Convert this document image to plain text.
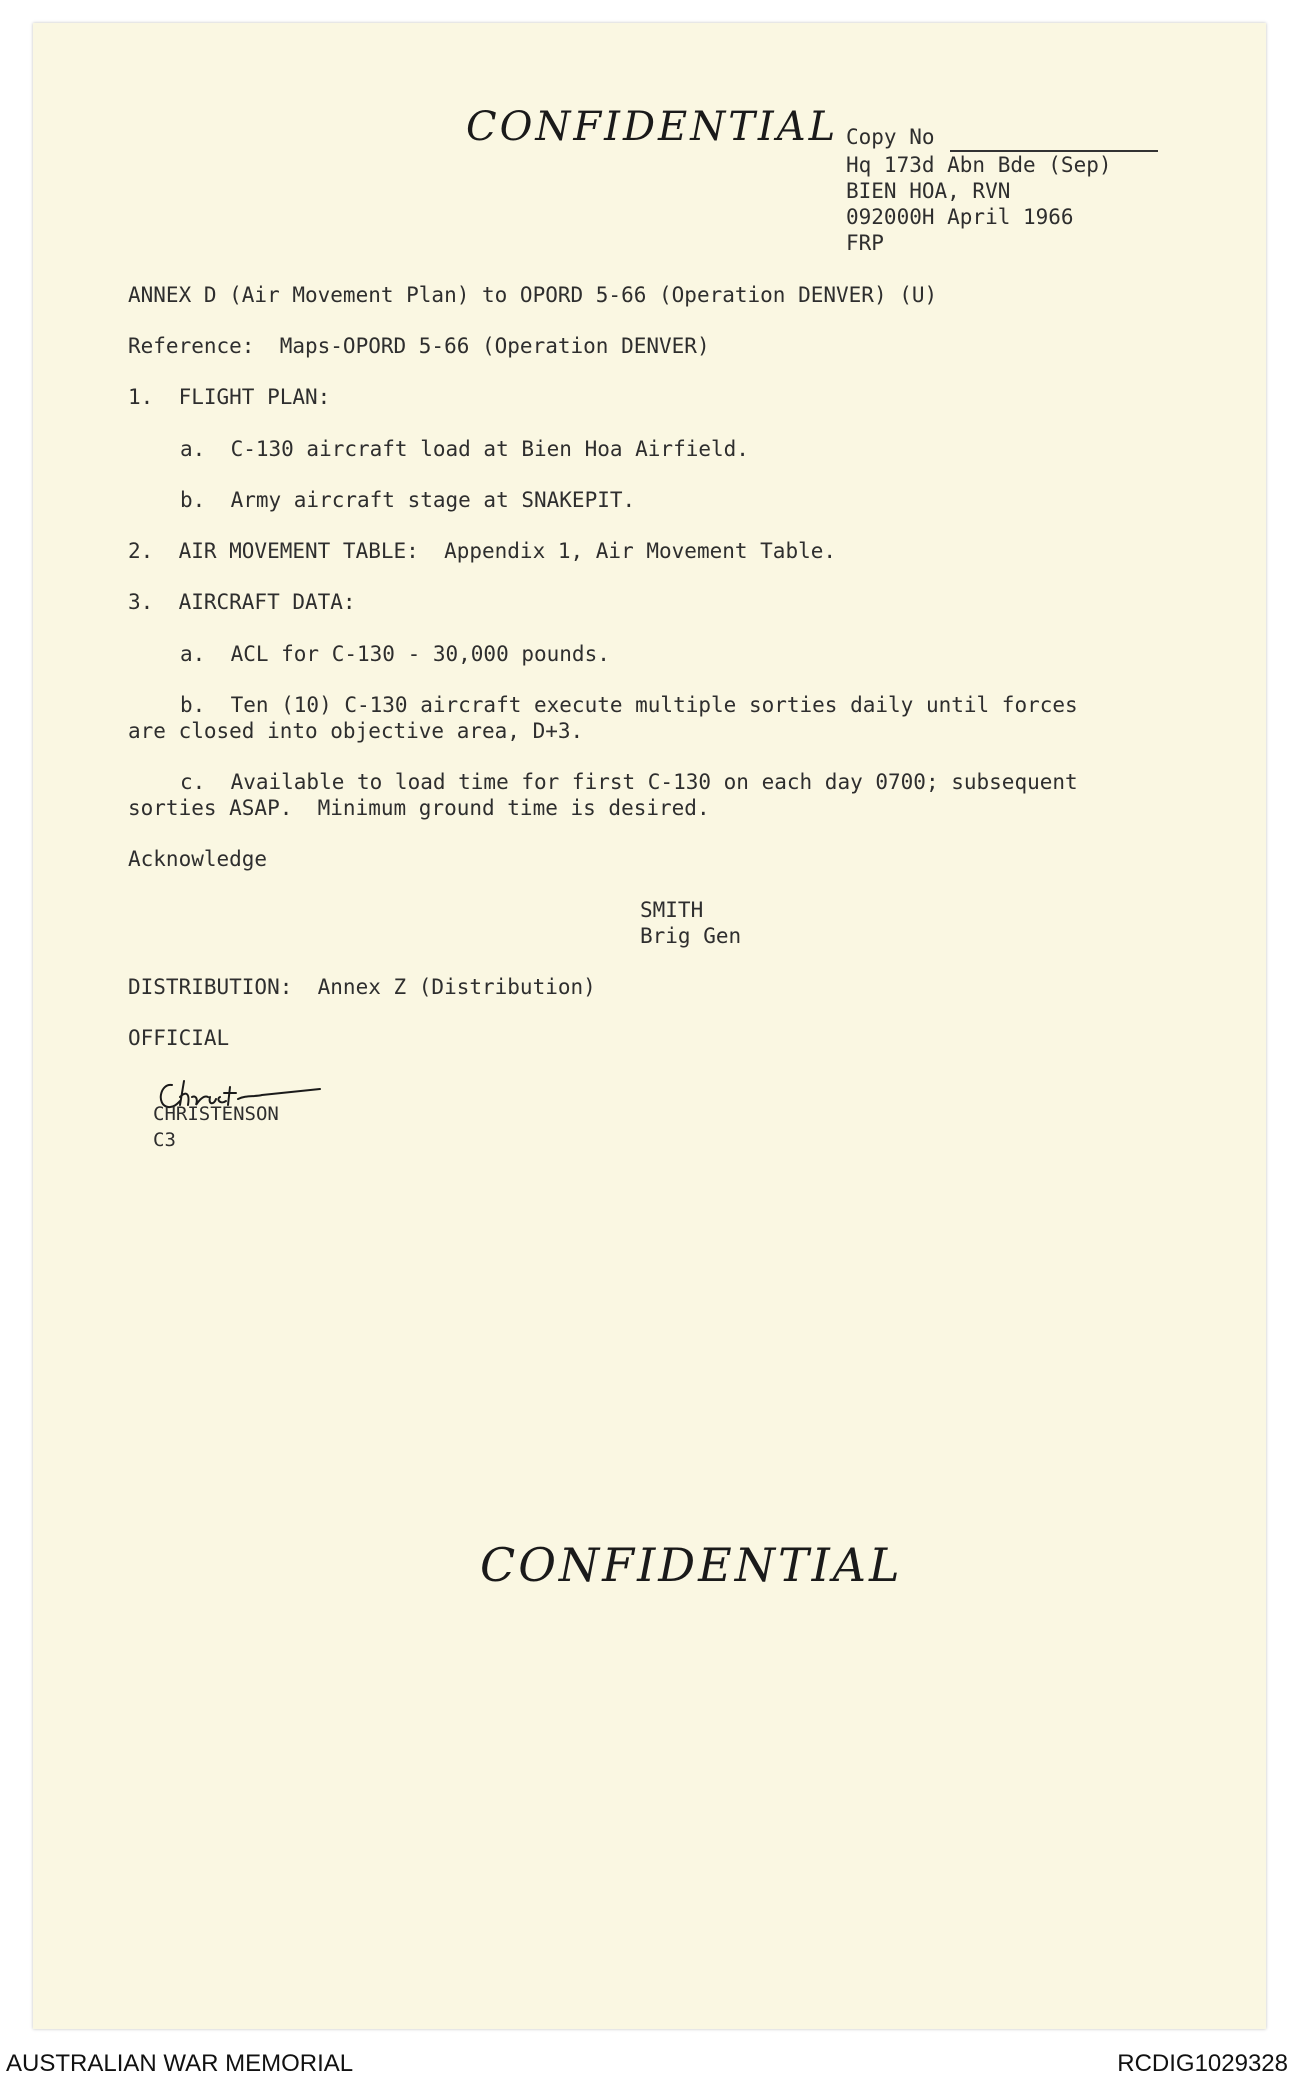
CONFIDENTIAL Copy No
Hq 173d Abn Bde (Sep)
BIEN HOA, RVN
092000H April 1966
FRP
ANNEX D (Air Movement Plan) to OPORD 5-66 (Operation DENVER) (U)
Reference:  Maps-OPORD 5-66 (Operation DENVER)
1.  FLIGHT PLAN:
a.  C-130 aircraft load at Bien Hoa Airfield.
b.  Army aircraft stage at SNAKEPIT.
2.  AIR MOVEMENT TABLE:  Appendix 1, Air Movement Table.
3.  AIRCRAFT DATA:
a.  ACL for C-130 - 30,000 pounds.
b.  Ten (10) C-130 aircraft execute multiple sorties daily until forces
are closed into objective area, D+3.
c.  Available to load time for first C-130 on each day 0700; subsequent
sorties ASAP.  Minimum ground time is desired.
Acknowledge
SMITH
Brig Gen
DISTRIBUTION:  Annex Z (Distribution)
OFFICIAL
CHRISTENSON
C3
CONFIDENTIAL
AUSTRALIAN WAR MEMORIAL	RCDIG1029328
